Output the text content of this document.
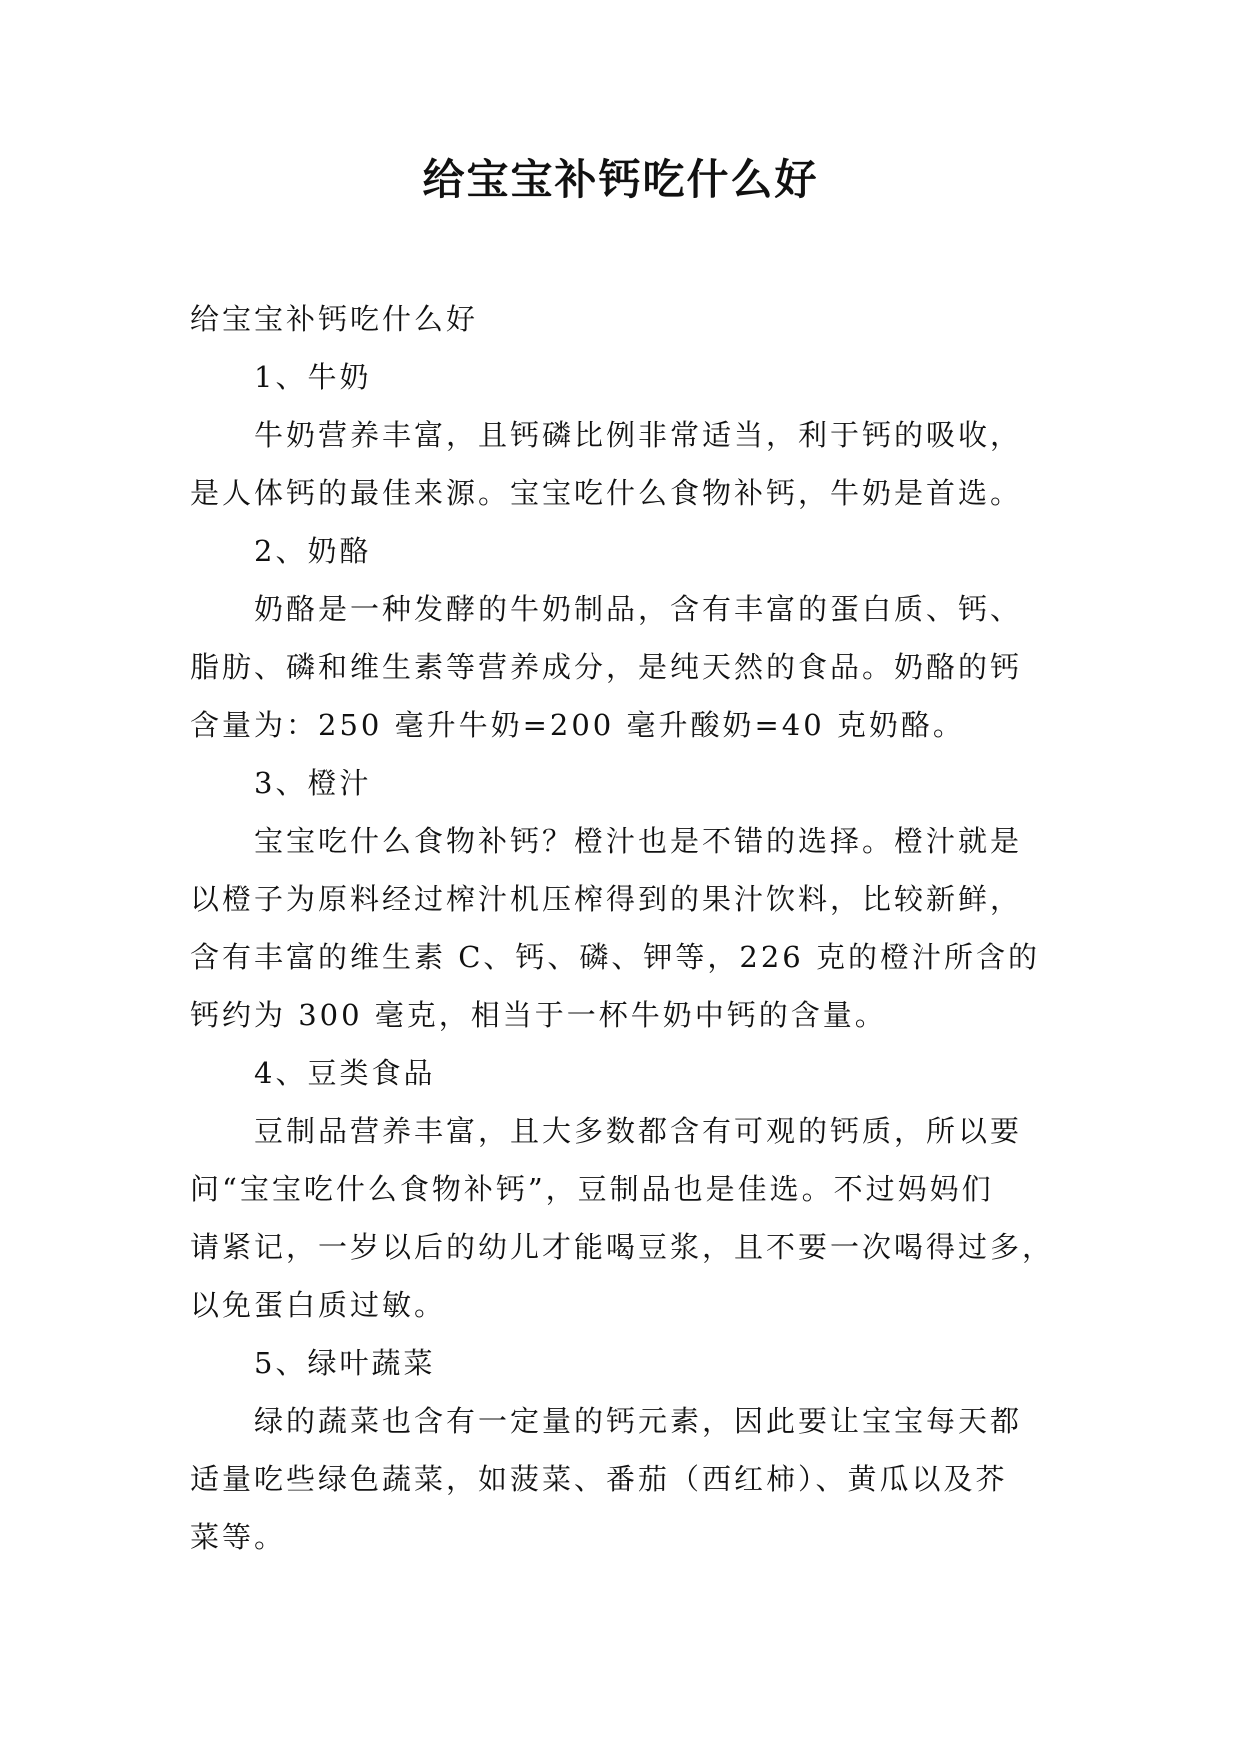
给宝宝补钙吃什么好
给宝宝补钙吃什么好
1、牛奶
牛奶营养丰富，且钙磷比例非常适当，利于钙的吸收，
是人体钙的最佳来源。宝宝吃什么食物补钙，牛奶是首选。
2、奶酪
奶酪是一种发酵的牛奶制品，含有丰富的蛋白质、钙、
脂肪、磷和维生素等营养成分，是纯天然的食品。奶酪的钙
含量为：250 毫升牛奶=200 毫升酸奶=40 克奶酪。
3、橙汁
宝宝吃什么食物补钙？橙汁也是不错的选择。橙汁就是
以橙子为原料经过榨汁机压榨得到的果汁饮料，比较新鲜，
含有丰富的维生素 C、钙、磷、钾等，226 克的橙汁所含的
钙约为 300 毫克，相当于一杯牛奶中钙的含量。
4、豆类食品
豆制品营养丰富，且大多数都含有可观的钙质，所以要
问“宝宝吃什么食物补钙”，豆制品也是佳选。不过妈妈们
请紧记，一岁以后的幼儿才能喝豆浆，且不要一次喝得过多，
以免蛋白质过敏。
5、绿叶蔬菜
绿的蔬菜也含有一定量的钙元素，因此要让宝宝每天都
适量吃些绿色蔬菜，如菠菜、番茄（西红柿）、黄瓜以及芥
菜等。
